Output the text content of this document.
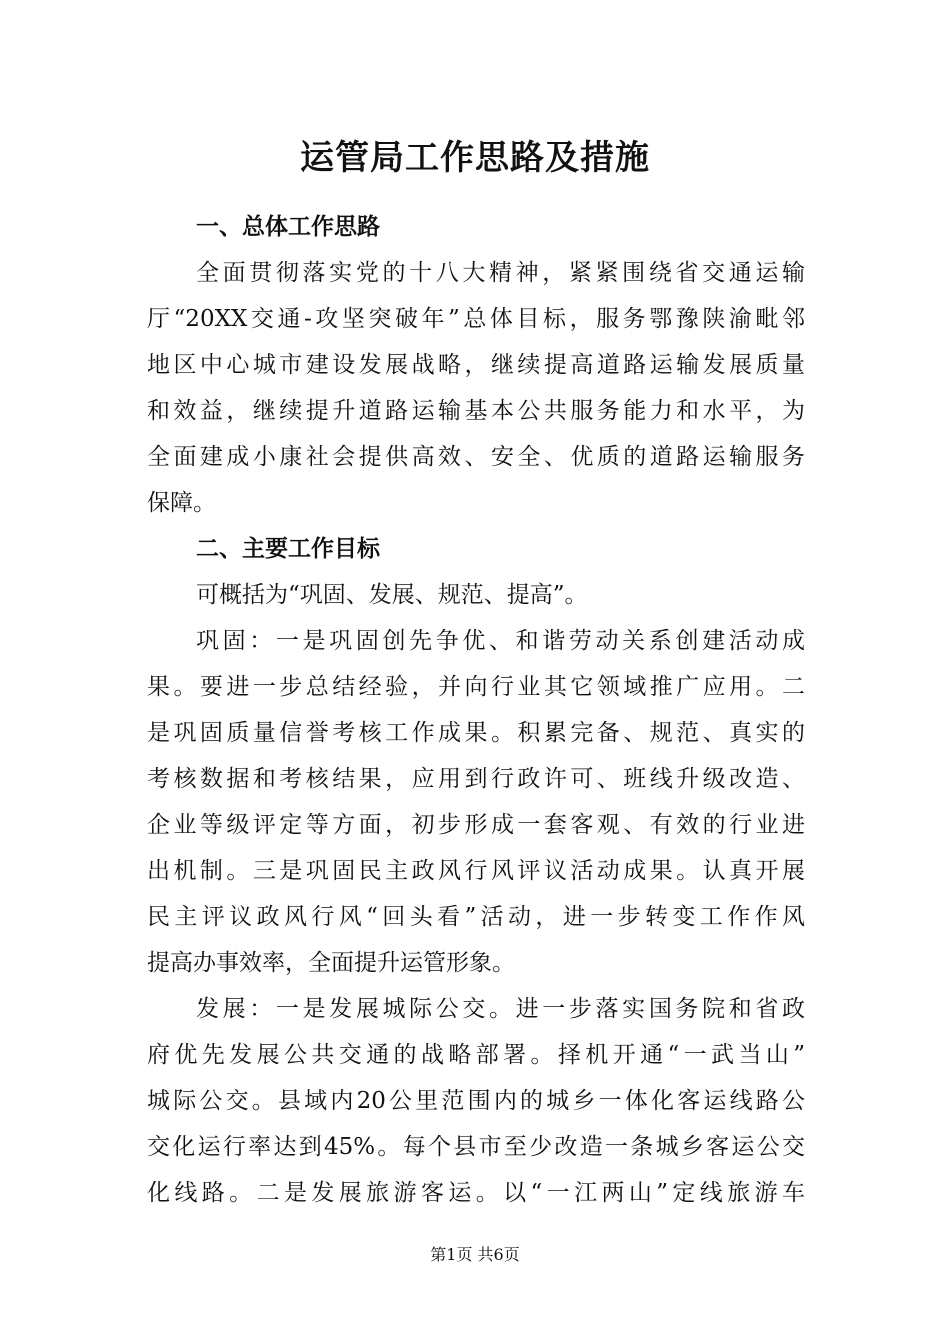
运管局工作思路及措施
一、总体工作思路
全面贯彻落实党的十八大精神，紧紧围绕省交通运输
厅“20XX交通-攻坚突破年”总体目标，服务鄂豫陕渝毗邻
地区中心城市建设发展战略，继续提高道路运输发展质量
和效益，继续提升道路运输基本公共服务能力和水平，为
全面建成小康社会提供高效、安全、优质的道路运输服务
保障。
二、主要工作目标
可概括为“巩固、发展、规范、提高”。
巩固：一是巩固创先争优、和谐劳动关系创建活动成
果。要进一步总结经验，并向行业其它领域推广应用。二
是巩固质量信誉考核工作成果。积累完备、规范、真实的
考核数据和考核结果，应用到行政许可、班线升级改造、
企业等级评定等方面，初步形成一套客观、有效的行业进
出机制。三是巩固民主政风行风评议活动成果。认真开展
民主评议政风行风“回头看”活动，进一步转变工作作风
提高办事效率，全面提升运管形象。
发展：一是发展城际公交。进一步落实国务院和省政
府优先发展公共交通的战略部署。择机开通“一武当山”
城际公交。县域内20公里范围内的城乡一体化客运线路公
交化运行率达到45%。每个县市至少改造一条城乡客运公交
化线路。二是发展旅游客运。以“一江两山”定线旅游车
第1页 共6页
